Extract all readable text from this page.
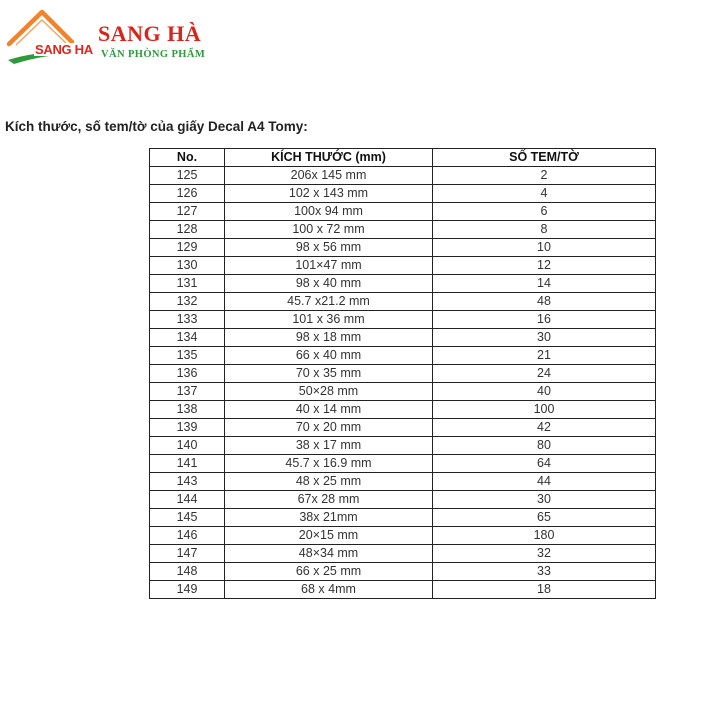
SANG HA
SANG HÀ
VĂN PHÒNG PHẨM
Kích thước, số tem/tờ của giấy Decal A4 Tomy:
No.	KÍCH THƯỚC (mm)	SỐ TEM/TỜ
125	206x 145 mm	2
126	102 x 143 mm	4
127	100x 94 mm	6
128	100 x 72 mm	8
129	98 x 56 mm	10
130	101×47 mm	12
131	98 x 40 mm	14
132	45.7 x21.2 mm	48
133	101 x 36 mm	16
134	98 x 18 mm	30
135	66 x 40 mm	21
136	70 x 35 mm	24
137	50×28 mm	40
138	40 x 14 mm	100
139	70 x 20 mm	42
140	38 x 17 mm	80
141	45.7 x 16.9 mm	64
143	48 x 25 mm	44
144	67x 28 mm	30
145	38x 21mm	65
146	20×15 mm	180
147	48×34 mm	32
148	66 x 25 mm	33
149	68 x 4mm	18
